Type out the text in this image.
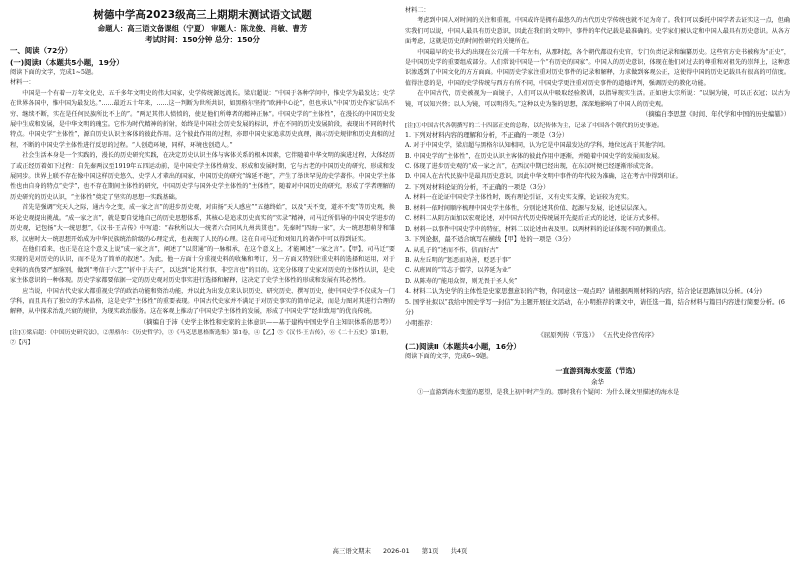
树德中学高2023级高三上期期末测试语文试题
命题人：高三语文备课组（宁夏） 审题人：陈龙俊、肖敏、曹芳
考试时间：150分钟 总分：150分
一、阅读（72分）
(一)阅读Ⅰ（本题共5小题，19分）

阅读下面的文字，完成1~5题。

材料一：

中国是一个有着一万年文化史、五千多年文明史的伟大国家，史学传统源远流长。梁启超说：“中国于各种学问中，惟史学为最发达；史学在世界各国中，惟中国为最发达。”……最近五十年来，……这一判断为世所共识，如黑格尔坚持“欧洲中心论”，但也承认“中国‘历史作家’层出不穷、继续不断，实在是任何民族所比不上的”。“两足其伟人愤愤的，使足他们所尊者的精神正脉”。中国史学的“主体性”，在漫长的中国历史发展中生成和发展，是中华文明的瑰宝。它作为时代精神的折射，始终是中国社会历史发展的标识，并在不同的历史发展阶段，表现出不同的时代特点。中国史学“主体性”，源自历史认识主客体的彼此作用。这个彼此作用的过程，亦即中国史家追求历史真理，揭示历史规律和历史真相的过程，不断的中国史学主体性进行反思的过程。“人创造环境，同样，环境也创造人。”

社会生活本身是一个实践的，漫长的历史研究实践，在决定历史认识主体与客体关系的根本因素，它伴随着中华文明的演进过程，大体经历了或正经历着如下过程：自先秦两汉至1919年五四运动前，是中国史学主体性萌发、形成和发展时期，它与古老的中国历史的研究、形成和发展同步。世界上联不存在像中国这样历史悠久、史学人才辈出的国家，中国历史的研究“绵延不绝”，产生了举世罕见的史学著作。中国史学主体性也由自身的特点“史学”，也不存在期间主体性的研究，中国历史学与国外史学主体性的“主体性”，随着对中国历史的研究，形成了学者理解的历史研究的历史认识，“主体性”奠定了坚实的思想一实践基础。

首先是强调“究天人之际，通古今之变，成一家之言”的进步历史观，对宙扬“天人感应”“五德终始”，以及“天不变，道亦不变”等历史观，换环论史观提出挑战。“成一家之言”，就是要自觉地自己的历史思想体系，其核心是追求历史真实的“实录”精神，司马迁所倡导的中国史学进步的历史观，记包扬“大一统思想”，《汉书·王吉传》中写道：“春秋所以大一统者六合同风九州共贯也”。先秦时“四海一家”，大一统思想萌芽和雏形，汉唐时大一统思想开始成为中华民族统治阶级的心理定式，也表现了人民的心理。这在自司马迁和刘知几的著作中可以得到证实。

在他们看来，也正是在这个意义上说“成一家之言”，阐述了“以贯通”的一脉相承，在这个意义上，才能阐述“一家之言”。【甲】，司马迁“要实现的是对历史的认识，而不是为了简单的叙述”。为此，他一方面十分重视史料的收集和考订，另一方面又特别注重史料的选择和运用，对于史料的真伪要严加鉴别，做到“考信于六艺”“折中于夫子”，以达到“论其行事，非空言也”的目的。这充分体现了史家对历史的主体性认识，是史家主体意识的一种体现。历史学家都要依据一定的历史观对历史事实进行选择和解释，这决定了史学主体性的形成和发展有其必然性。

应当说，中国古代史家大都重视史学的政治功能和资治功能，并以此为出发点来认识历史、研究历史、撰写历史，使中国史学不仅成为一门学科，而且具有了独立的学术品格，这是史学“主体性”的重要表现。中国古代史家并不满足于对历史事实的简单记录，而是力图对其进行合理的解释，从中探求治乱兴衰的规律，为现实政治服务。这在客观上推动了中国史学主体性的发展，形成了中国史学“经世致用”的优良传统。

（摘编自于沛《史学主体性和史家的主体意识——基于建构中国史学自主知识体系的思考》）

[注]①梁启超：《中国历史研究法》，②黑格尔：《历史哲学》，③《马克思恩格斯选集》第1卷，④【乙】⑤《汉书·王吉传》，⑥《二十五史》第1册，⑦【丙】

材料二：

考虑到中国人对时间的关注和重视，中国或许是拥有最悠久的古代历史学传统也就不足为奇了。我们可以委托中国学者去证实这一点，但确实我们可以说，中国人最具有历史意识，因此在我们的文明中，事件的年代记载是最准确的。史学家们被认定和中国人最具有历史意识。从各方面考虑，这就是历史的时间性研究的关键所在。

中国最早的史书大约出现在公元前一千年左右，从那时起，各个朝代都设有史官，专门负责记录和编纂历史。这些官方史书被称为“正史”，是中国历史学的重要组成部分。人们常说中国是一个“有历史的国家”。中国人的历史意识，体现在他们对过去的尊重和对祖先的崇拜上，这种意识渗透到了中国文化的方方面面。中国历史学家注重对历史事件的记录和解释，力求做到客观公正，这使得中国的历史记载具有很高的可信度。值得注意的是，中国的史学传统与西方有所不同，中国史学更注重对历史事件的道德评判，强调历史的教化功能。

在中国古代，历史被视为一面镜子，人们可以从中吸取经验教训，以指导现实生活。正如唐太宗所说：“以铜为镜，可以正衣冠；以古为镜，可以知兴替；以人为镜，可以明得失。”这种以史为鉴的思想，深深地影响了中国人的历史观。

（摘编自李思慧《时间、年代学和中国的历史编纂》）

[注]①中国古代各朝撰写的二十四部正史的总称，以纪传体为主，记录了中国各个朝代的历史事迹。

1. 下列对材料内容的理解和分析，不正确的一项是（3分）

A. 对于中国史学，梁启超与黑格尔认知相同，认为它是中国最发达的学科，地位远高于其他学问。

B. 中国史学的“主体性”，在历史认识主客体的彼此作用中逐渐，并随着中国史学的发展而发展。

C. 体现了进步历史观的“成一家之言”，在西汉中期已经出现，在东汉时便已经逐渐形成完备。

D. 中国人在古代民族中是最具历史意识，因此中华文明中事件的年代较为准确，这在考古中得到印证。

2. 下列对材料论证的分析，不正确的一项是（3分）

A. 材料一在论证中国史学主体性时，既有理论引证，又有史实支撑，论证较为充实。

B. 材料一依时间顺序梳理中国史学主体性，分别论述其价值、起源与发展，论述层层深入。

C. 材料二从阴方面加以宏观论述，对中国古代历史传统展开先提后正式的论述，论证方式多样。

D. 材料一以事件中国史学中的特征，材料二以论述由表及里。以两材料的论证体现不同的侧重点。

3. 下列论据，最不适合填写在横线【甲】处的一项是（3分）

A. 从孔子的“述而不作，信而好古”

B. 从左丘明的“惩恶而劝善，贬恶于事”

C. 从班固的“笃志于儒学，以养延为业”

D. 从陈寿的“能用众智，则无畏于圣人矣”

4. 材料二认为史学的主体性是史家思想意识的产物，你同意这一观点吗？请根据两则材料的内容，结合论证思路加以分析。(4分)

5. 国学社拟以“我给中国史学写一封信”为主题开展征文活动，在小明推荐的课文中，请任选一篇，结合材料与篇目内容进行简要分析。(6分)

小明推荐：

《屈原列传（节选）》 《五代史伶官传序》
(二)阅读Ⅱ（本题共4小题，16分）

阅读下面的文字，完成6~9题。

一直游到海水变蓝（节选）
余华

①一直游到海水变蓝的愿望，是我上初中时产生的。那时我有个疑问：为什么课文里描述的海水是

高三语文期末 2026-01 第1页 共4页
